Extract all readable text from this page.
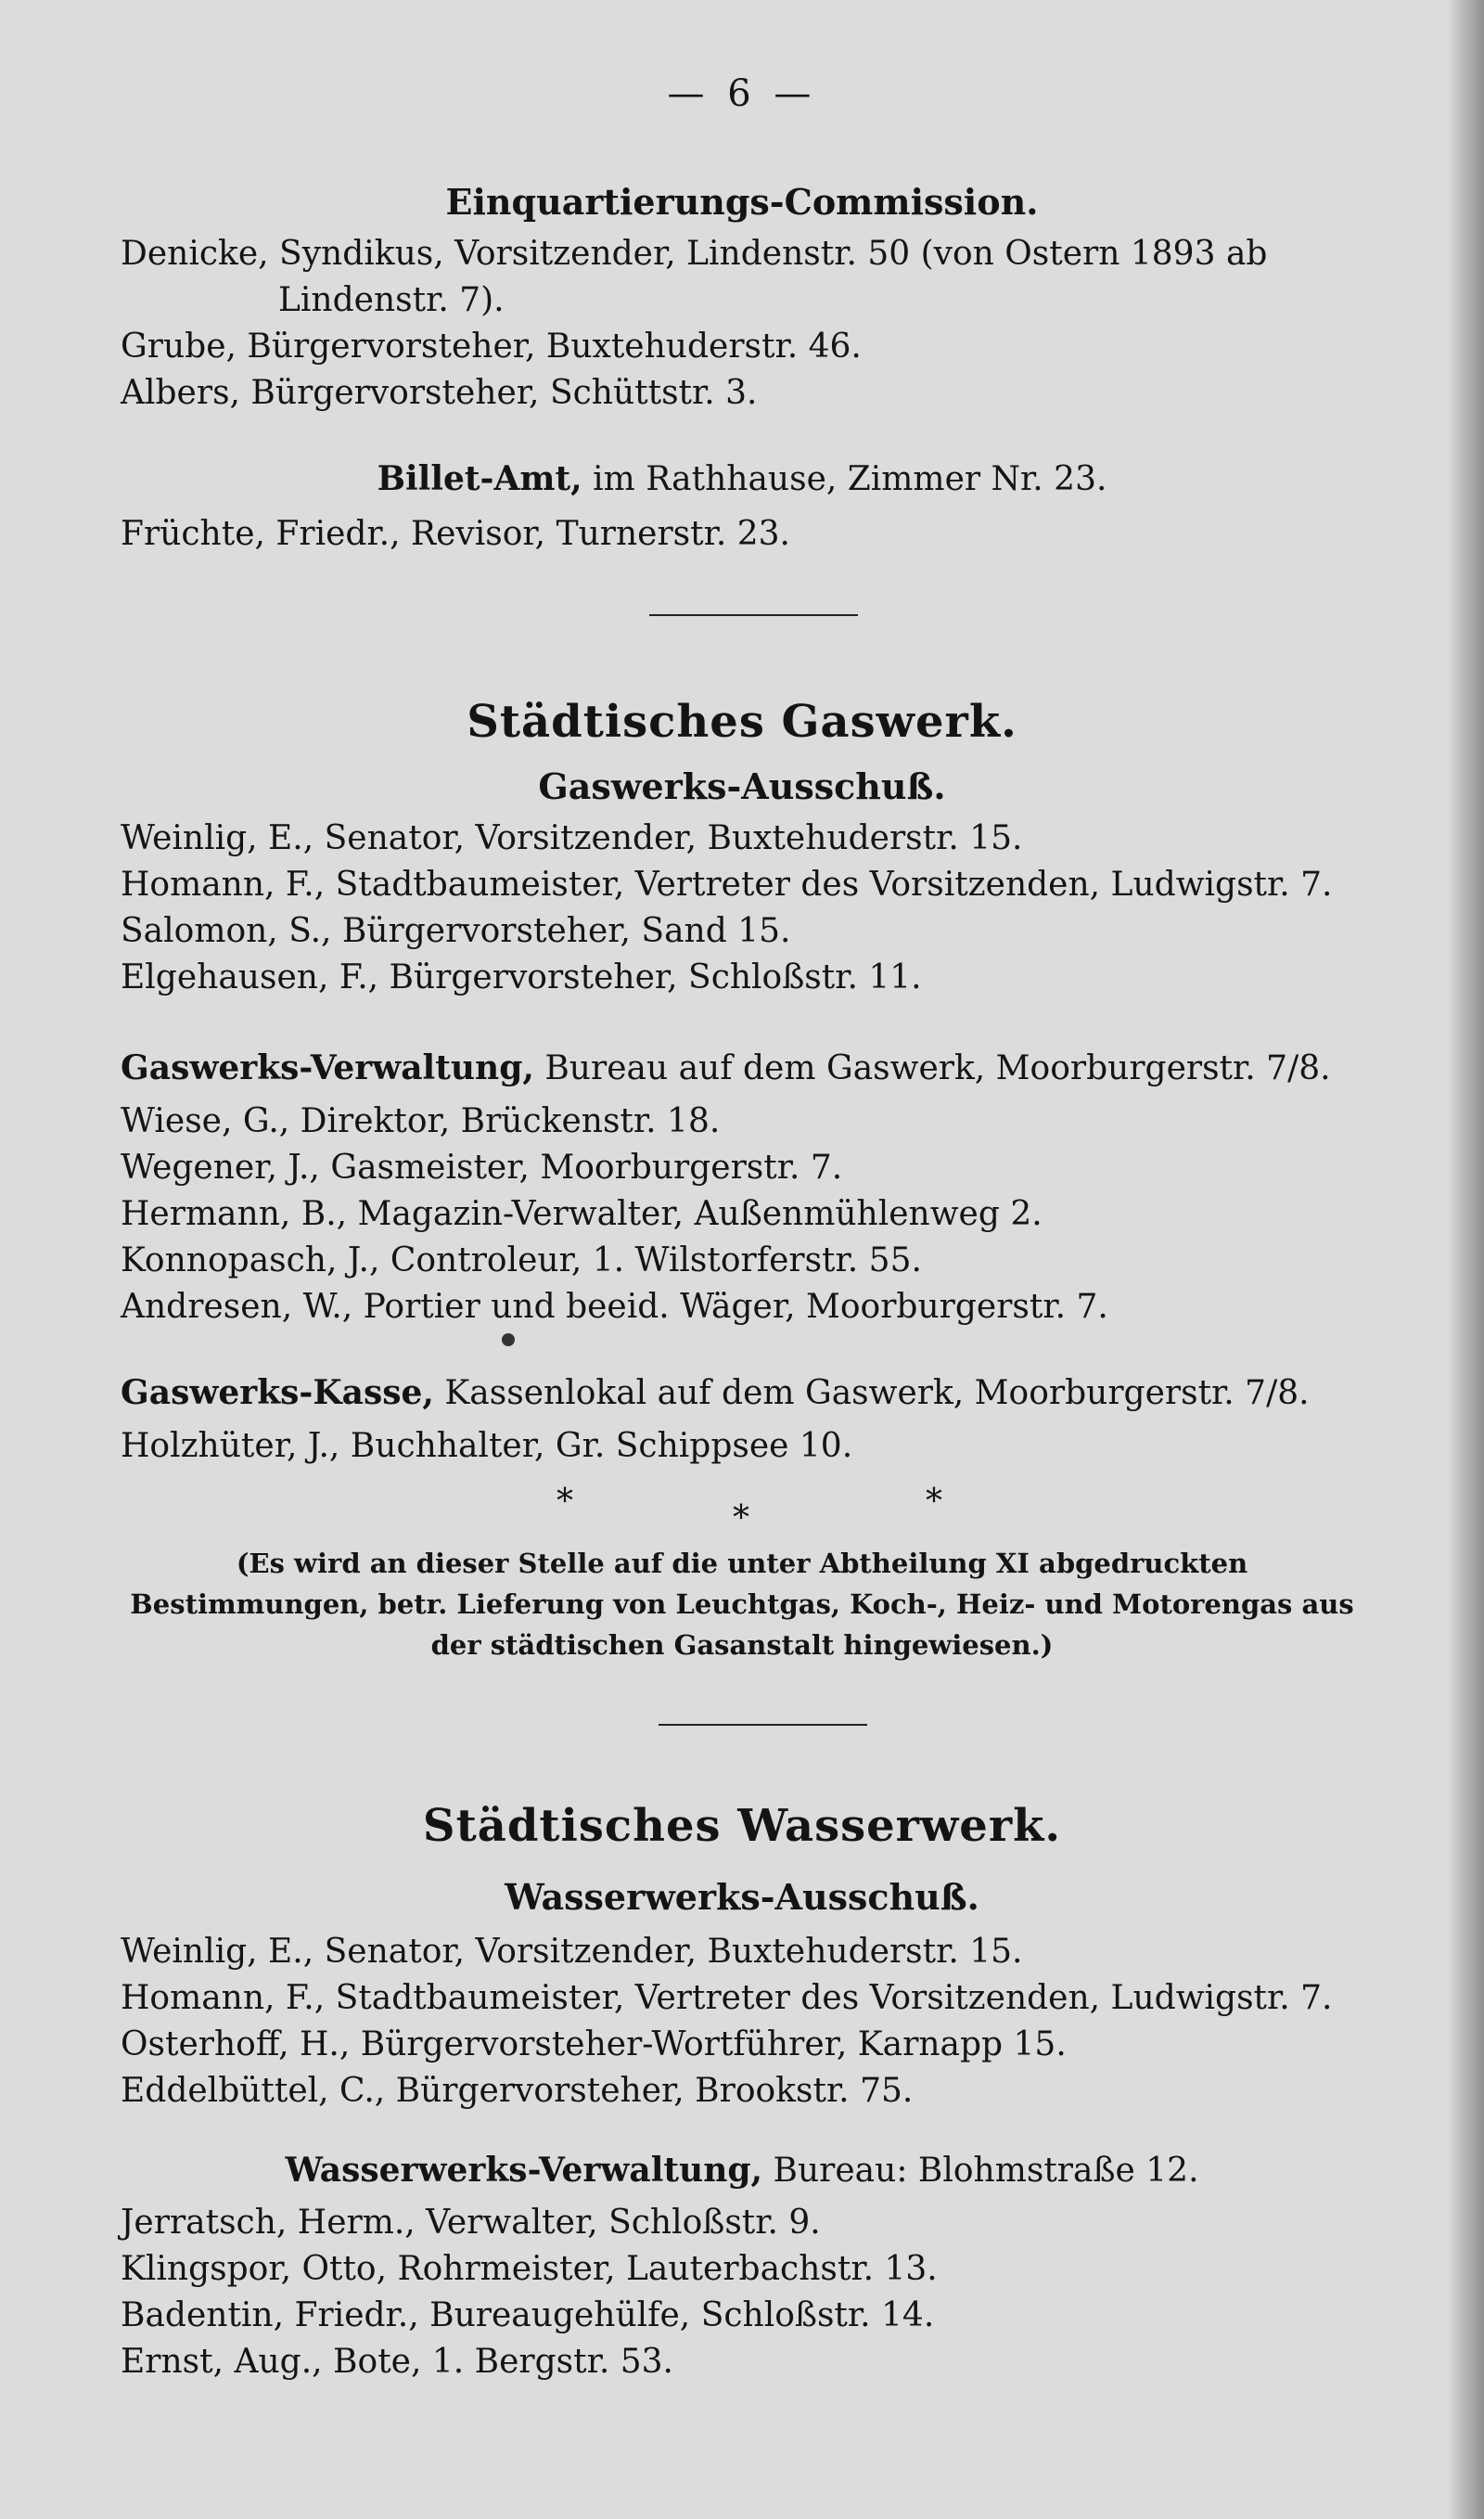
— 6 —
Einquartierungs-Commission.

Denicke, Syndikus, Vorsitzender, Lindenstr. 50 (von Ostern 1893 ab

Lindenstr. 7).

Grube, Bürgervorsteher, Buxtehuderstr. 46.

Albers, Bürgervorsteher, Schüttstr. 3.

Billet-Amt, im Rathhause, Zimmer Nr. 23.

Früchte, Friedr., Revisor, Turnerstr. 23.

Städtisches Gaswerk.
Gaswerks-Ausschuß.

Weinlig, E., Senator, Vorsitzender, Buxtehuderstr. 15.

Homann, F., Stadtbaumeister, Vertreter des Vorsitzenden, Ludwigstr. 7.

Salomon, S., Bürgervorsteher, Sand 15.

Elgehausen, F., Bürgervorsteher, Schloßstr. 11.

Gaswerks-Verwaltung, Bureau auf dem Gaswerk, Moorburgerstr. 7/8.

Wiese, G., Direktor, Brückenstr. 18.

Wegener, J., Gasmeister, Moorburgerstr. 7.

Hermann, B., Magazin-Verwalter, Außenmühlenweg 2.

Konnopasch, J., Controleur, 1. Wilstorferstr. 55.

Andresen, W., Portier und beeid. Wäger, Moorburgerstr. 7.

Gaswerks-Kasse, Kassenlokal auf dem Gaswerk, Moorburgerstr. 7/8.

Holzhüter, J., Buchhalter, Gr. Schippsee 10.

*	*	*

(Es wird an dieser Stelle auf die unter Abtheilung XI abgedruckten

Bestimmungen, betr. Lieferung von Leuchtgas, Koch-, Heiz- und Motorengas aus

der städtischen Gasanstalt hingewiesen.)

Städtisches Wasserwerk.
Wasserwerks-Ausschuß.

Weinlig, E., Senator, Vorsitzender, Buxtehuderstr. 15.

Homann, F., Stadtbaumeister, Vertreter des Vorsitzenden, Ludwigstr. 7.

Osterhoff, H., Bürgervorsteher-Wortführer, Karnapp 15.

Eddelbüttel, C., Bürgervorsteher, Brookstr. 75.

Wasserwerks-Verwaltung, Bureau: Blohmstraße 12.

Jerratsch, Herm., Verwalter, Schloßstr. 9.

Klingspor, Otto, Rohrmeister, Lauterbachstr. 13.

Badentin, Friedr., Bureaugehülfe, Schloßstr. 14.

Ernst, Aug., Bote, 1. Bergstr. 53.
